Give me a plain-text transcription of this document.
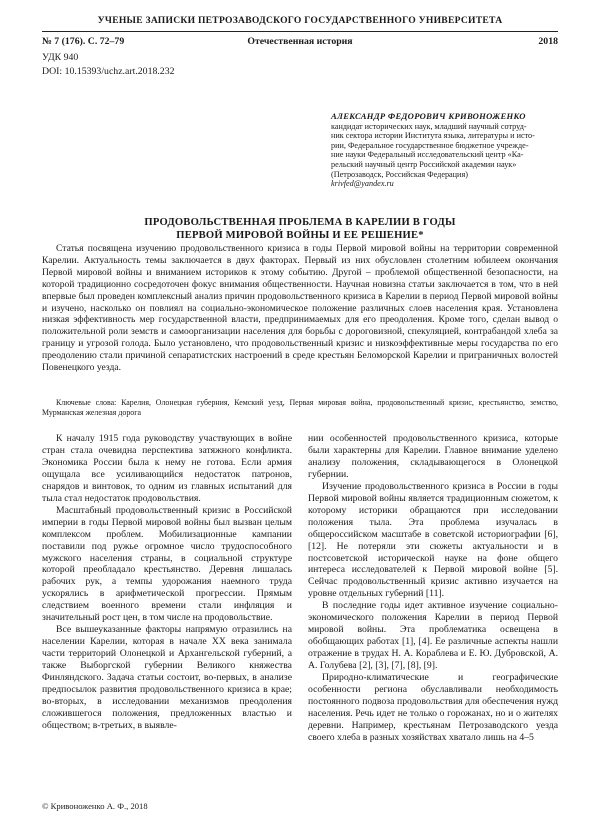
УЧЕНЫЕ ЗАПИСКИ ПЕТРОЗАВОДСКОГО ГОСУДАРСТВЕННОГО УНИВЕРСИТЕТА
№ 7 (176). С. 72–79	Отечественная история	2018
УДК 940
DOI: 10.15393/uchz.art.2018.232
АЛЕКСАНДР ФЕДОРОВИЧ КРИВОНОЖЕНКО
кандидат исторических наук, младший научный сотруд-
ник сектора истории Института языка, литературы и исто-
рии, Федеральное государственное бюджетное учрежде-
ние науки Федеральный исследовательский центр «Ка-
рельский научный центр Российской академии наук»
(Петрозаводск, Российская Федерация)
krivfed@yandex.ru
ПРОДОВОЛЬСТВЕННАЯ ПРОБЛЕМА В КАРЕЛИИ В ГОДЫ
ПЕРВОЙ МИРОВОЙ ВОЙНЫ И ЕЕ РЕШЕНИЕ*
Статья посвящена изучению продовольственного кризиса в годы Первой мировой войны на территории современной Карелии. Актуальность темы заключается в двух факторах. Первый из них обусловлен столетним юбилеем окончания Первой мировой войны и вниманием историков к этому событию. Другой – проблемой общественной безопасности, на которой традиционно сосредоточен фокус внимания общественности. Научная новизна статьи заключается в том, что в ней впервые был проведен комплексный анализ причин продовольственного кризиса в Карелии в период Первой мировой войны и изучено, насколько он повлиял на социально-экономическое положение различных слоев населения края. Установлена низкая эффективность мер государственной власти, предпринимаемых для его преодоления. Кроме того, сделан вывод о положительной роли земств и самоорганизации населения для борьбы с дороговизной, спекуляцией, контрабандой хлеба за границу и угрозой голода. Было установлено, что продовольственный кризис и низкоэффективные меры государства по его преодолению стали причиной сепаратистских настроений в среде крестьян Беломорской Карелии и приграничных волостей Повенецкого уезда.
Ключевые слова: Карелия, Олонецкая губерния, Кемский уезд, Первая мировая война, продовольственный кризис, крестьянство, земство, Мурманская железная дорога

К началу 1915 года руководству участвующих в войне стран стала очевидна перспектива затяжного конфликта. Экономика России была к нему не готова. Если армия ощущала все усиливающийся недостаток патронов, снарядов и винтовок, то одним из главных испытаний для тыла стал недостаток продовольствия.

Масштабный продовольственный кризис в Российской империи в годы Первой мировой войны был вызван целым комплексом проблем. Мобилизационные кампании поставили под ружье огромное число трудоспособного мужского населения страны, в социальной структуре которой преобладало крестьянство. Деревня лишалась рабочих рук, а темпы удорожания наемного труда ускорялись в арифметической прогрессии. Прямым следствием военного времени стали инфляция и значительный рост цен, в том числе на продовольствие.

Все вышеуказанные факторы напрямую отразились на населении Карелии, которая в начале XX века занимала части территорий Олонецкой и Архангельской губерний, а также Выборгской губернии Великого княжества Финляндского. Задача статьи состоит, во-первых, в анализе предпосылок развития продовольственного кризиса в крае; во-вторых, в исследовании механизмов преодоления сложившегося положения, предложенных властью и обществом; в-третьих, в выявле-

нии особенностей продовольственного кризиса, которые были характерны для Карелии. Главное внимание уделено анализу положения, складывающегося в Олонецкой губернии.

Изучение продовольственного кризиса в России в годы Первой мировой войны является традиционным сюжетом, к которому историки обращаются при исследовании положения тыла. Эта проблема изучалась в общероссийском масштабе в советской историографии [6], [12]. Не потеряли эти сюжеты актуальности и в постсоветской исторической науке на фоне общего интереса исследователей к Первой мировой войне [5]. Сейчас продовольственный кризис активно изучается на уровне отдельных губерний [11].

В последние годы идет активное изучение социально-экономического положения Карелии в период Первой мировой войны. Эта проблематика освещена в обобщающих работах [1], [4]. Ее различные аспекты нашли отражение в трудах Н. А. Кораблева и Е. Ю. Дубровской, А. А. Голубева [2], [3], [7], [8], [9].

Природно-климатические и географические особенности региона обуславливали необходимость постоянного подвоза продовольствия для обеспечения нужд населения. Речь идет не только о горожанах, но и о жителях деревни. Например, крестьянам Петрозаводского уезда своего хлеба в разных хозяйствах хватало лишь на 4–5

© Кривоноженко А. Ф., 2018
